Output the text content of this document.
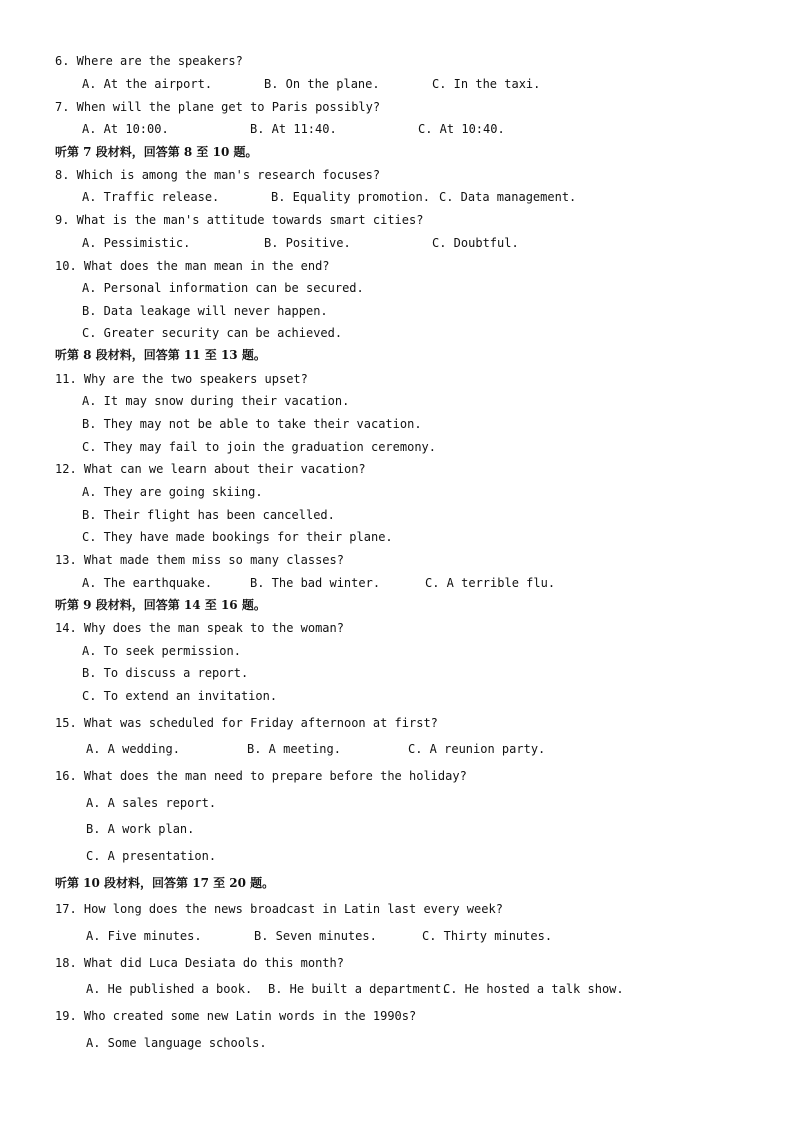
6. Where are the speakers?
A. At the airport.	B. On the plane.	C. In the taxi.
7. When will the plane get to Paris possibly?
A. At 10:00.	B. At 11:40.	C. At 10:40.
听第 7 段材料，回答第 8 至 10 题。
8. Which is among the man's research focuses?
A. Traffic release.	B. Equality promotion. C. Data management.
9. What is the man's attitude towards smart cities?
A. Pessimistic.	B. Positive.	C. Doubtful.
10. What does the man mean in the end?
A. Personal information can be secured.
B. Data leakage will never happen.
C. Greater security can be achieved.
听第 8 段材料，回答第 11 至 13 题。
11. Why are the two speakers upset?
A. It may snow during their vacation.
B. They may not be able to take their vacation.
C. They may fail to join the graduation ceremony.
12. What can we learn about their vacation?
A. They are going skiing.
B. Their flight has been cancelled.
C. They have made bookings for their plane.
13. What made them miss so many classes?
A. The earthquake.	B. The bad winter.	C. A terrible flu.
听第 9 段材料，回答第 14 至 16 题。
14. Why does the man speak to the woman?
A. To seek permission.
B. To discuss a report.
C. To extend an invitation.
15. What was scheduled for Friday afternoon at first?
A. A wedding.	B. A meeting.	C. A reunion party.
16. What does the man need to prepare before the holiday?
A. A sales report.
B. A work plan.
C. A presentation.
听第 10 段材料，回答第 17 至 20 题。
17. How long does the news broadcast in Latin last every week?
A. Five minutes.	B. Seven minutes.	C. Thirty minutes.
18. What did Luca Desiata do this month?
A. He published a book. B. He built a department.
C. He hosted a talk show.
19. Who created some new Latin words in the 1990s?
A. Some language schools.
